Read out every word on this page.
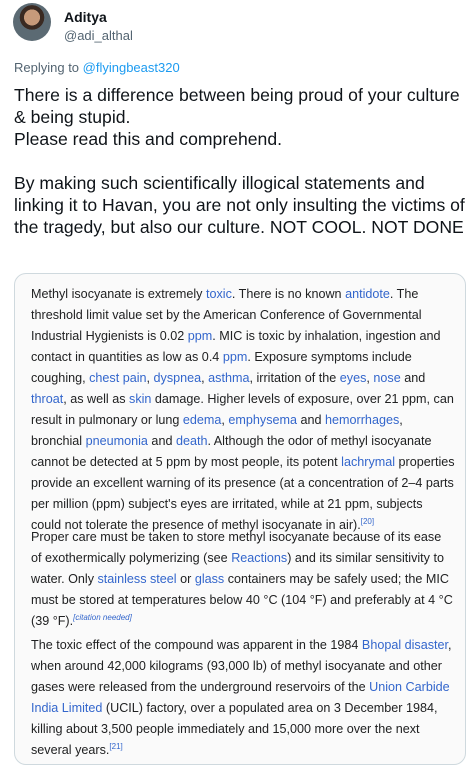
Aditya
@adi_althal
Replying to @flyingbeast320
There is a difference between being proud of your culture & being stupid.
Please read this and comprehend.

By making such scientifically illogical statements and linking it to Havan, you are not only insulting the victims of the tragedy, but also our culture. NOT COOL. NOT DONE
Methyl isocyanate is extremely toxic. There is no known antidote. The threshold limit value set by the American Conference of Governmental Industrial Hygienists is 0.02 ppm. MIC is toxic by inhalation, ingestion and contact in quantities as low as 0.4 ppm. Exposure symptoms include coughing, chest pain, dyspnea, asthma, irritation of the eyes, nose and throat, as well as skin damage. Higher levels of exposure, over 21 ppm, can result in pulmonary or lung edema, emphysema and hemorrhages, bronchial pneumonia and death. Although the odor of methyl isocyanate cannot be detected at 5 ppm by most people, its potent lachrymal properties provide an excellent warning of its presence (at a concentration of 2–4 parts per million (ppm) subject's eyes are irritated, while at 21 ppm, subjects could not tolerate the presence of methyl isocyanate in air).[20]
Proper care must be taken to store methyl isocyanate because of its ease of exothermically polymerizing (see Reactions) and its similar sensitivity to water. Only stainless steel or glass containers may be safely used; the MIC must be stored at temperatures below 40 °C (104 °F) and preferably at 4 °C (39 °F).[citation needed]
The toxic effect of the compound was apparent in the 1984 Bhopal disaster, when around 42,000 kilograms (93,000 lb) of methyl isocyanate and other gases were released from the underground reservoirs of the Union Carbide India Limited (UCIL) factory, over a populated area on 3 December 1984, killing about 3,500 people immediately and 15,000 more over the next several years.[21]
